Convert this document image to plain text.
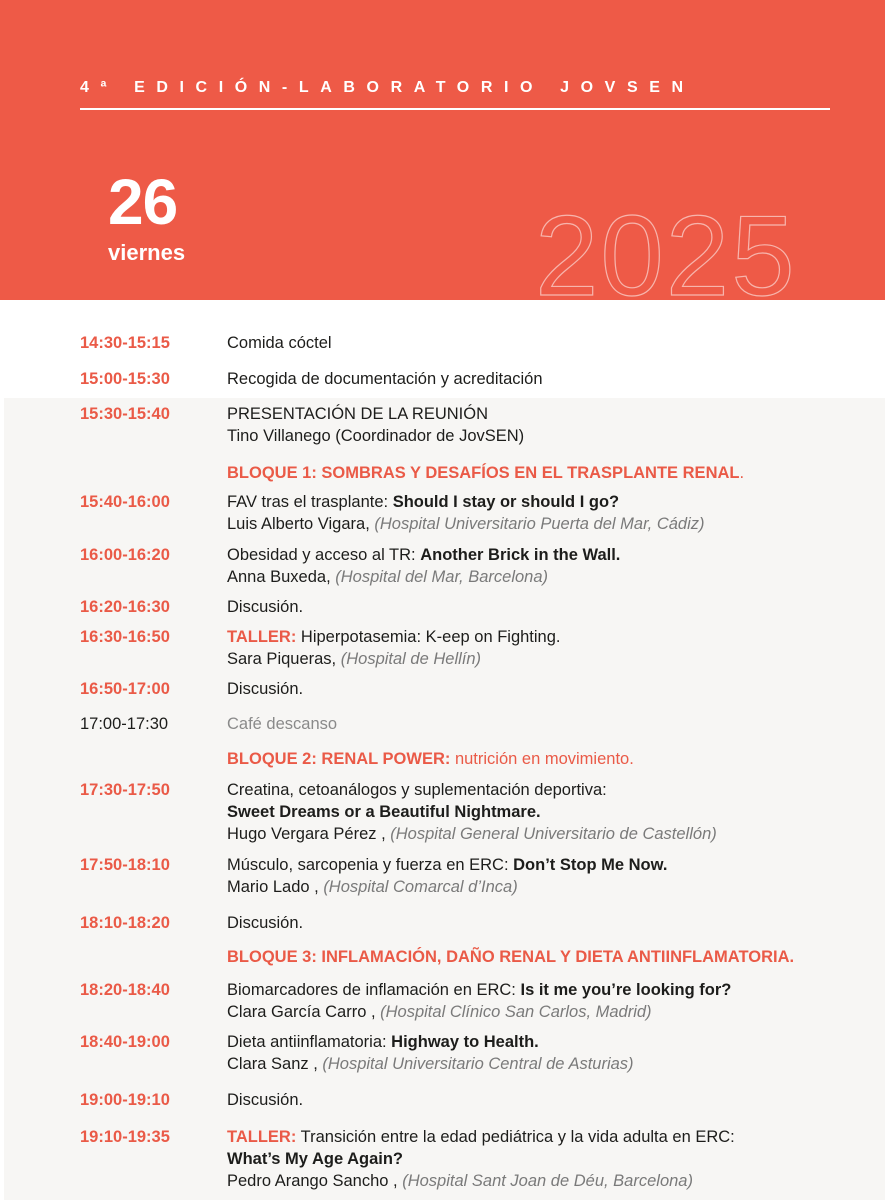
4ª EDICIÓN-LABORATORIO JOVSEN
26
viernes	2025
14:30-15:15	Comida cóctel
15:00-15:30	Recogida de documentación y acreditación
15:30-15:40	PRESENTACIÓN DE LA REUNIÓN
Tino Villanego (Coordinador de JovSEN)
BLOQUE 1: SOMBRAS Y DESAFÍOS EN EL TRASPLANTE RENAL.
15:40-16:00	FAV tras el trasplante: Should I stay or should I go?
Luis Alberto Vigara, (Hospital Universitario Puerta del Mar, Cádiz)
16:00-16:20	Obesidad y acceso al TR: Another Brick in the Wall.
Anna Buxeda, (Hospital del Mar, Barcelona)
16:20-16:30	Discusión.
16:30-16:50	TALLER: Hiperpotasemia: K-eep on Fighting.
Sara Piqueras, (Hospital de Hellín)
16:50-17:00	Discusión.
17:00-17:30	Café descanso
BLOQUE 2: RENAL POWER: nutrición en movimiento.
17:30-17:50	Creatina, cetoanálogos y suplementación deportiva:
Sweet Dreams or a Beautiful Nightmare.
Hugo Vergara Pérez , (Hospital General Universitario de Castellón)
17:50-18:10	Músculo, sarcopenia y fuerza en ERC: Don’t Stop Me Now.
Mario Lado , (Hospital Comarcal d’Inca)
18:10-18:20	Discusión.
BLOQUE 3: INFLAMACIÓN, DAÑO RENAL Y DIETA ANTIINFLAMATORIA.
18:20-18:40	Biomarcadores de inflamación en ERC: Is it me you’re looking for?
Clara García Carro , (Hospital Clínico San Carlos, Madrid)
18:40-19:00	Dieta antiinflamatoria: Highway to Health.
Clara Sanz , (Hospital Universitario Central de Asturias)
19:00-19:10	Discusión.
19:10-19:35	TALLER: Transición entre la edad pediátrica y la vida adulta en ERC:
What’s My Age Again?
Pedro Arango Sancho , (Hospital Sant Joan de Déu, Barcelona)
